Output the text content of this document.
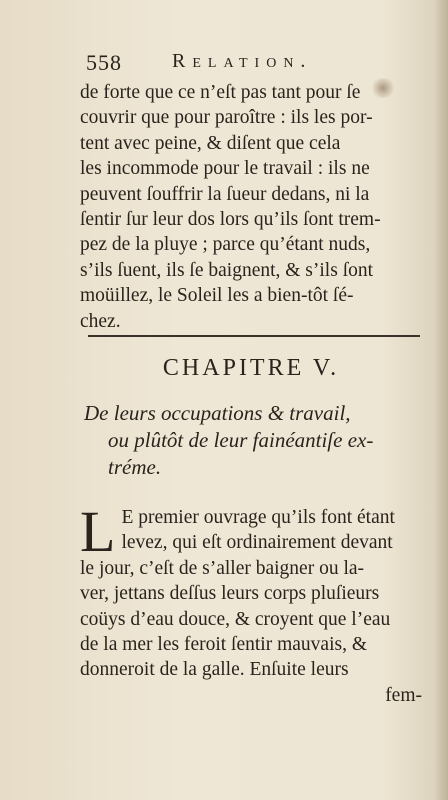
558	Relation.
de forte que ce n’eſt pas tant pour ſe
couvrir que pour paroître : ils les por-
tent avec peine, & diſent que cela
les incommode pour le travail : ils ne
peuvent ſouffrir la ſueur dedans, ni la
ſentir ſur leur dos lors qu’ils ſont trem-
pez de la pluye ; parce qu’étant nuds,
s’ils ſuent, ils ſe baignent, & s’ils ſont
moüillez, le Soleil les a bien-tôt ſé-
chez.
CHAPITRE V.
De leurs occupations & travail,
ou plûtôt de leur fainéantiſe ex-
tréme.
L E
premier ouvrage qu’ils font étant
levez, qui eſt ordinairement devant
le jour, c’eſt de s’aller baigner ou la-
ver, jettans deſſus leurs corps pluſieurs
coüys d’eau douce, & croyent que l’eau
de la mer les feroit ſentir mauvais, &
donneroit de la galle. Enſuite leurs
fem-
